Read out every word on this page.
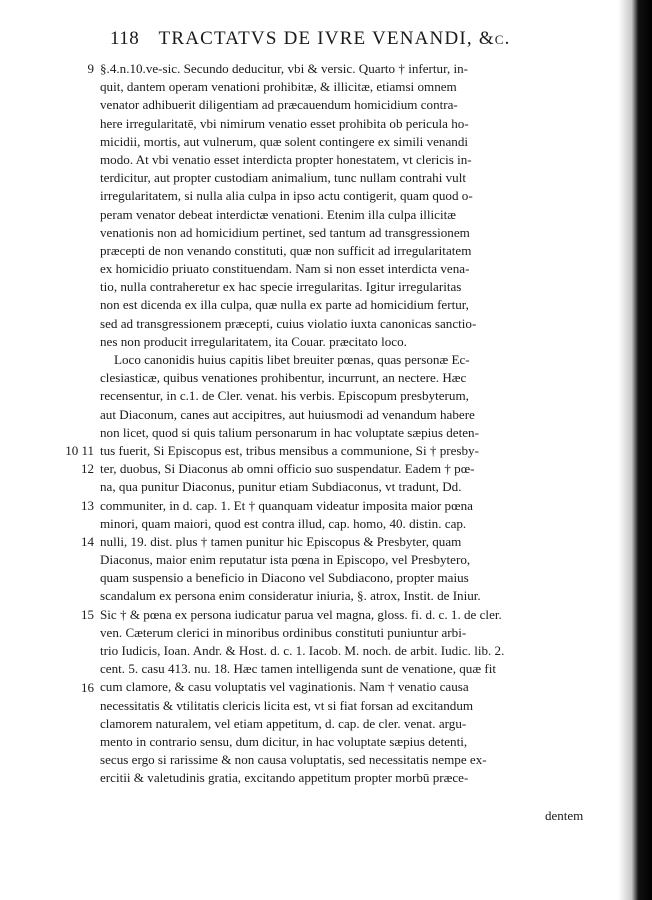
118 TRACTATVS DE IVRE VENANDI, &c.
9
10 11
12
13
14
15
16
§.4.n.10.ve-sic. Secundo deducitur, vbi & versic. Quarto † infertur, in-
quit, dantem operam venationi prohibitæ, & illicitæ, etiamsi omnem
venator adhibuerit diligentiam ad præcauendum homicidium contra-
here irregularitatē, vbi nimirum venatio esset prohibita ob pericula ho-
micidii, mortis, aut vulnerum, quæ solent contingere ex simili venandi
modo. At vbi venatio esset interdicta propter honestatem, vt clericis in-
terdicitur, aut propter custodiam animalium, tunc nullam contrahi vult
irregularitatem, si nulla alia culpa in ipso actu contigerit, quam quod o-
peram venator debeat interdictæ venationi. Etenim illa culpa illicitæ
venationis non ad homicidium pertinet, sed tantum ad transgressionem
præcepti de non venando constituti, quæ non sufficit ad irregularitatem
ex homicidio priuato constituendam. Nam si non esset interdicta vena-
tio, nulla contraheretur ex hac specie irregularitas. Igitur irregularitas
non est dicenda ex illa culpa, quæ nulla ex parte ad homicidium fertur,
sed ad transgressionem præcepti, cuius violatio iuxta canonicas sanctio-
nes non producit irregularitatem, ita Couar. præcitato loco.
Loco canonidis huius capitis libet breuiter pœnas, quas personæ Ec-
clesiasticæ, quibus venationes prohibentur, incurrunt, an nectere. Hæc
recensentur, in c.1. de Cler. venat. his verbis. Episcopum presbyterum,
aut Diaconum, canes aut accipitres, aut huiusmodi ad venandum habere
non licet, quod si quis talium personarum in hac voluptate sæpius deten-
tus fuerit, Si Episcopus est, tribus mensibus a communione, Si † presby-
ter, duobus, Si Diaconus ab omni officio suo suspendatur. Eadem † pœ-
na, qua punitur Diaconus, punitur etiam Subdiaconus, vt tradunt, Dd.
communiter, in d. cap. 1. Et † quanquam videatur imposita maior pœna
minori, quam maiori, quod est contra illud, cap. homo, 40. distin. cap.
nulli, 19. dist. plus † tamen punitur hic Episcopus & Presbyter, quam
Diaconus, maior enim reputatur ista pœna in Episcopo, vel Presbytero,
quam suspensio a beneficio in Diacono vel Subdiacono, propter maius
scandalum ex persona enim consideratur iniuria, §. atrox, Instit. de Iniur.
Sic † & pœna ex persona iudicatur parua vel magna, gloss. fi. d. c. 1. de cler.
ven. Cæterum clerici in minoribus ordinibus constituti puniuntur arbi-
trio Iudicis, Ioan. Andr. & Host. d. c. 1. Iacob. M. noch. de arbit. Iudic. lib. 2.
cent. 5. casu 413. nu. 18. Hæc tamen intelligenda sunt de venatione, quæ fit
cum clamore, & casu voluptatis vel vaginationis. Nam † venatio causa
necessitatis & vtilitatis clericis licita est, vt si fiat forsan ad excitandum
clamorem naturalem, vel etiam appetitum, d. cap. de cler. venat. argu-
mento in contrario sensu, dum dicitur, in hac voluptate sæpius detenti,
secus ergo si rarissime & non causa voluptatis, sed necessitatis nempe ex-
ercitii & valetudinis gratia, excitando appetitum propter morbū præce-
dentem
